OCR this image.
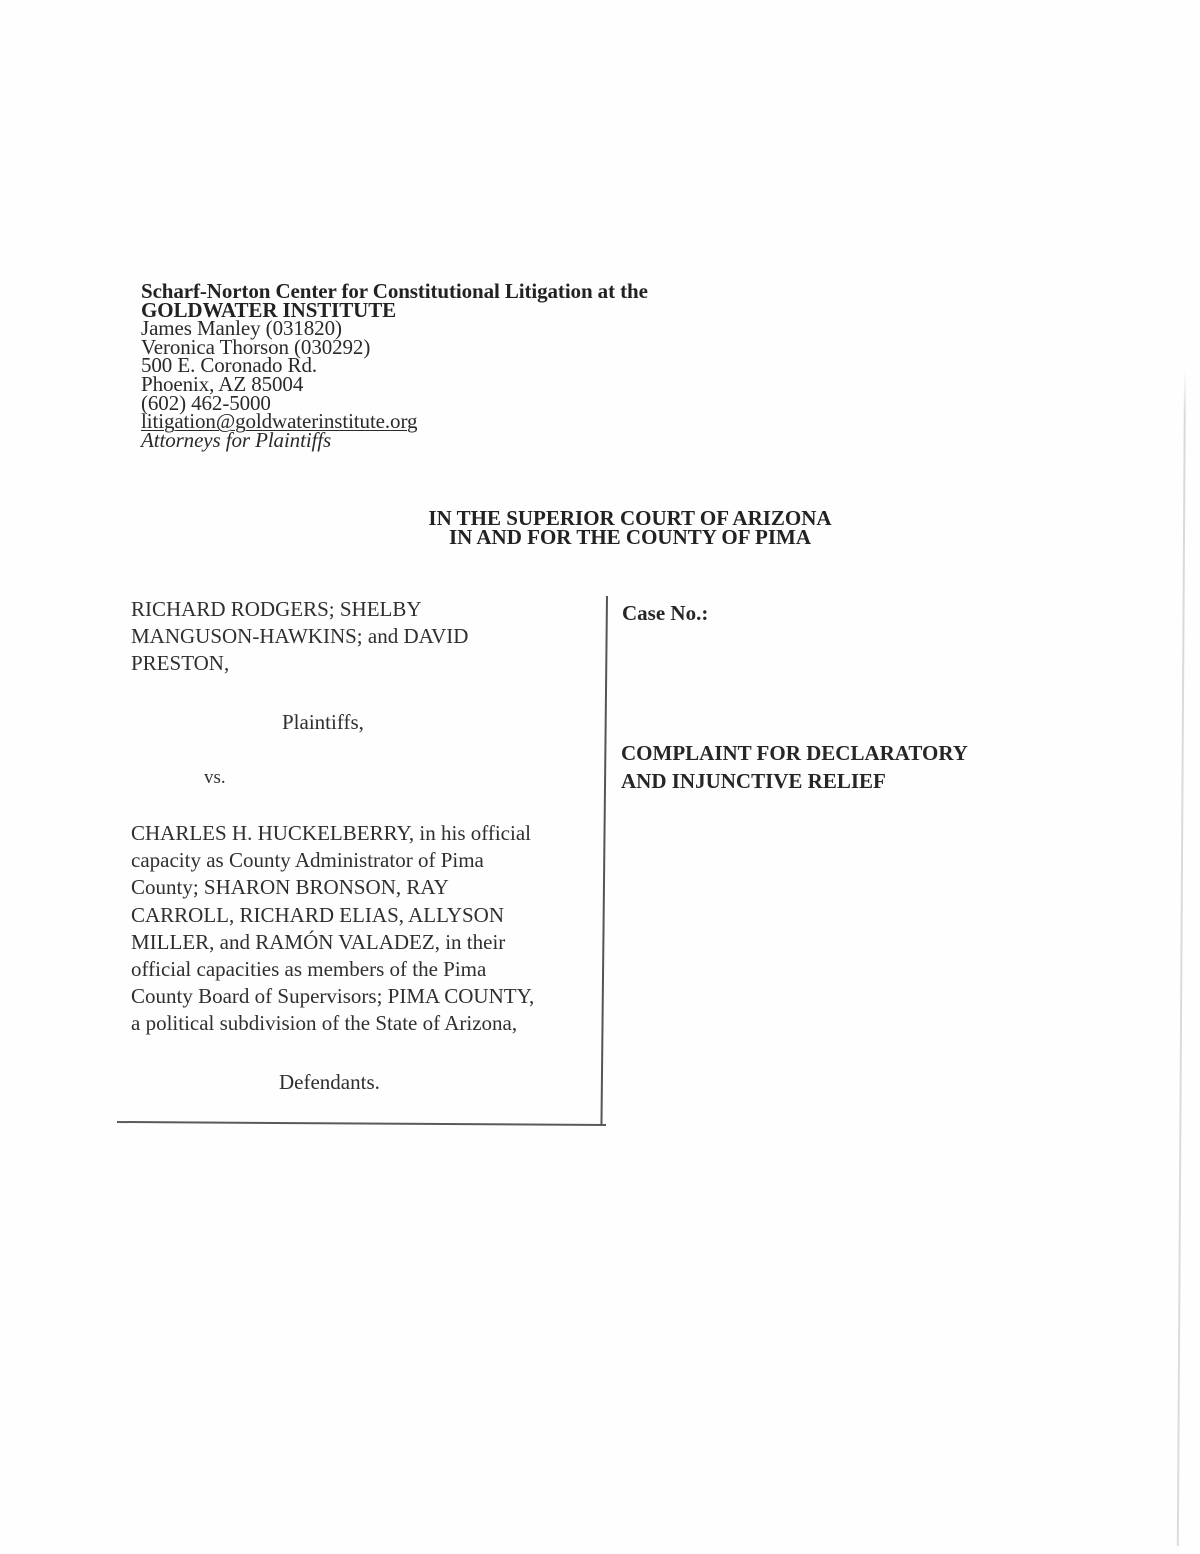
Scharf-Norton Center for Constitutional Litigation at the
GOLDWATER INSTITUTE
James Manley (031820)
Veronica Thorson (030292)
500 E. Coronado Rd.
Phoenix, AZ 85004
(602) 462-5000
litigation@goldwaterinstitute.org
Attorneys for Plaintiffs
IN THE SUPERIOR COURT OF ARIZONA
IN AND FOR THE COUNTY OF PIMA
RICHARD RODGERS; SHELBY
MANGUSON-HAWKINS; and DAVID
PRESTON,
Plaintiffs,
vs.
CHARLES H. HUCKELBERRY, in his official
capacity as County Administrator of Pima
County; SHARON BRONSON, RAY
CARROLL, RICHARD ELIAS, ALLYSON
MILLER, and RAMÓN VALADEZ, in their
official capacities as members of the Pima
County Board of Supervisors; PIMA COUNTY,
a political subdivision of the State of Arizona,
Defendants.
Case No.:
COMPLAINT FOR DECLARATORY
AND INJUNCTIVE RELIEF
